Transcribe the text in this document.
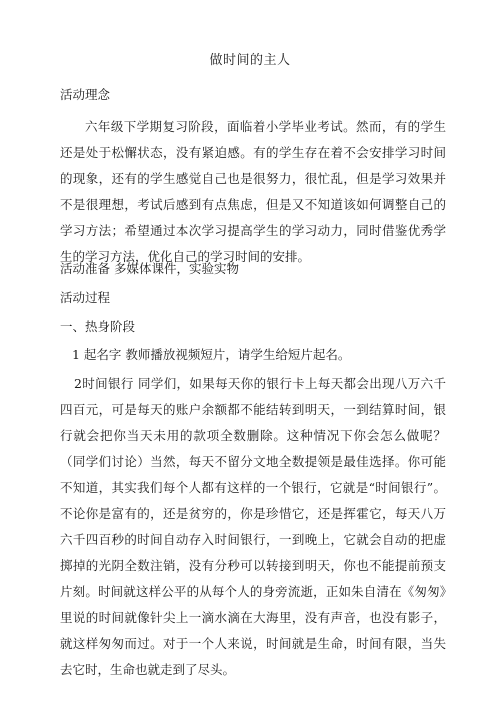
做时间的主人
活动理念
六年级下学期复习阶段，面临着小学毕业考试。然而，有的学生还是处于松懈状态，没有紧迫感。有的学生存在着不会安排学习时间的现象，还有的学生感觉自己也是很努力，很忙乱，但是学习效果并不是很理想，考试后感到有点焦虑，但是又不知道该如何调整自己的学习方法；希望通过本次学习提高学生的学习动力，同时借鉴优秀学生的学习方法，优化自己的学习时间的安排。
活动准备 多媒体课件，实验实物
活动过程
一、热身阶段
1 起名字 教师播放视频短片，请学生给短片起名。
2时间银行 同学们，如果每天你的银行卡上每天都会出现八万六千四百元，可是每天的账户余额都不能结转到明天，一到结算时间，银行就会把你当天未用的款项全数删除。这种情况下你会怎么做呢？（同学们讨论）当然，每天不留分文地全数提领是最佳选择。你可能不知道，其实我们每个人都有这样的一个银行，它就是“时间银行”。不论你是富有的，还是贫穷的，你是珍惜它，还是挥霍它，每天八万六千四百秒的时间自动存入时间银行，一到晚上，它就会自动的把虚掷掉的光阴全数注销，没有分秒可以转接到明天，你也不能提前预支片刻。时间就这样公平的从每个人的身旁流逝，正如朱自清在《匆匆》里说的时间就像针尖上一滴水滴在大海里，没有声音，也没有影子，就这样匆匆而过。对于一个人来说，时间就是生命，时间有限，当失去它时，生命也就走到了尽头。
